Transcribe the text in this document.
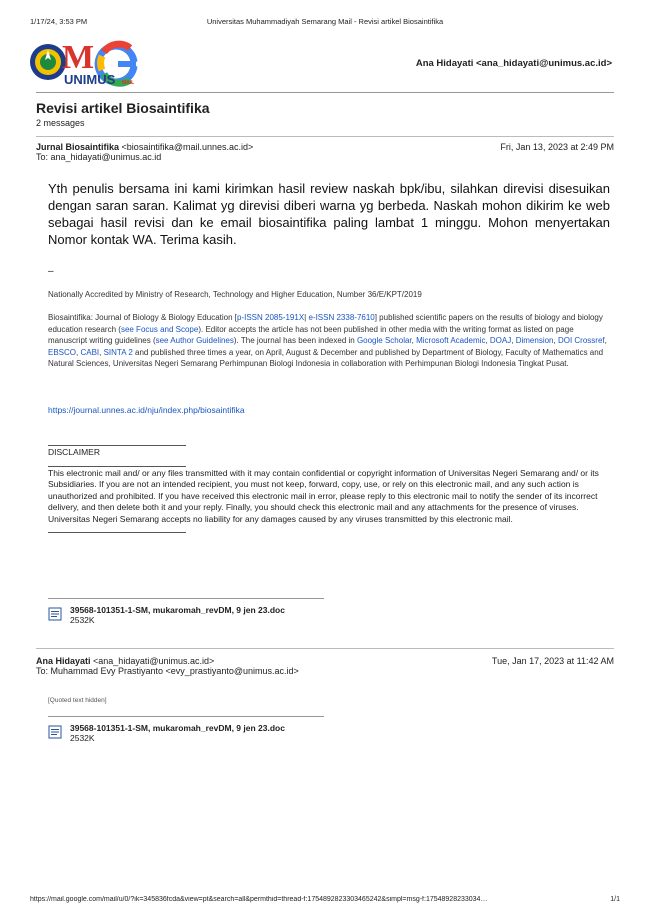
1/17/24, 3:53 PM	Universitas Muhammadiyah Semarang Mail - Revisi artikel Biosaintifika
M
UNIMUS MAIL
Ana Hidayati <ana_hidayati@unimus.ac.id>
Revisi artikel Biosaintifika
2 messages
Jurnal Biosaintifika <biosaintifika@mail.unnes.ac.id>	Fri, Jan 13, 2023 at 2:49 PM
To: ana_hidayati@unimus.ac.id
Yth penulis bersama ini kami kirimkan hasil review naskah bpk/ibu, silahkan direvisi disesuikan dengan saran saran. Kalimat yg direvisi diberi warna yg berbeda. Naskah mohon dikirim ke web sebagai hasil revisi dan ke email biosaintifika paling lambat 1 minggu. Mohon menyertakan Nomor kontak WA. Terima kasih.
–
Nationally Accredited by Ministry of Research, Technology and Higher Education, Number 36/E/KPT/2019
Biosaintifika: Journal of Biology & Biology Education [p-ISSN 2085-191X| e-ISSN 2338-7610] published scientific papers on the results of biology and biology education research (see Focus and Scope). Editor accepts the article has not been published in other media with the writing format as listed on page manuscript writing guidelines (see Author Guidelines). The journal has been indexed in Google Scholar, Microsoft Academic, DOAJ, Dimension, DOI Crossref, EBSCO, CABI, SINTA 2 and published three times a year, on April, August & December and published by Department of Biology, Faculty of Mathematics and Natural Sciences, Universitas Negeri Semarang Perhimpunan Biologi Indonesia in collaboration with Perhimpunan Biologi Indonesia Tingkat Pusat.
https://journal.unnes.ac.id/nju/index.php/biosaintifika
DISCLAIMER
This electronic mail and/ or any files transmitted with it may contain confidential or copyright information of Universitas Negeri Semarang and/ or its Subsidiaries. If you are not an intended recipient, you must not keep, forward, copy, use, or rely on this electronic mail, and any such action is unauthorized and prohibited. If you have received this electronic mail in error, please reply to this electronic mail to notify the sender of its incorrect delivery, and then delete both it and your reply. Finally, you should check this electronic mail and any attachments for the presence of viruses. Universitas Negeri Semarang accepts no liability for any damages caused by any viruses transmitted by this electronic mail.
39568-101351-1-SM, mukaromah_revDM, 9 jen 23.doc
2532K
Ana Hidayati <ana_hidayati@unimus.ac.id>	Tue, Jan 17, 2023 at 11:42 AM
To: Muhammad Evy Prastiyanto <evy_prastiyanto@unimus.ac.id>
[Quoted text hidden]
39568-101351-1-SM, mukaromah_revDM, 9 jen 23.doc
2532K
https://mail.google.com/mail/u/0/?ik=345836fcda&view=pt&search=all&permthid=thread-f:1754892823303465242&simpl=msg-f:17548928233034…	1/1
